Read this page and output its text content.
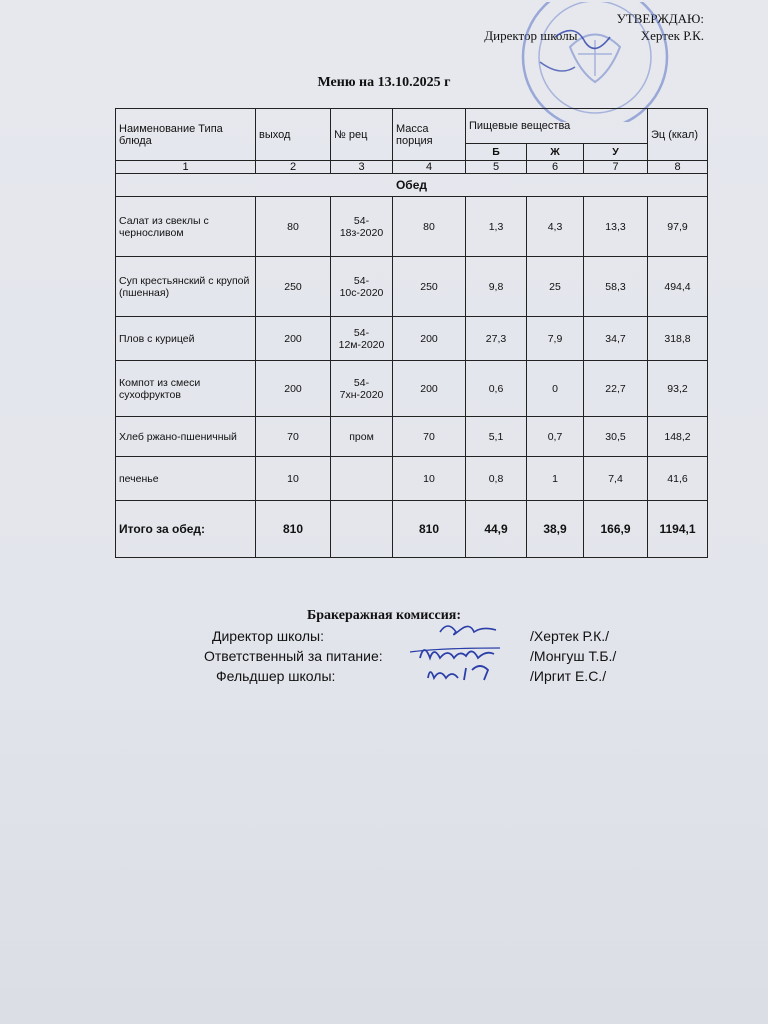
УТВЕРЖДАЮ:
Директор школы	Хертек Р.К.
Меню на 13.10.2025 г
Наименование Типа блюда	выход	№ рец	Масса порция	Пищевые вещества			Эц (ккал)
				Б	Ж	У	
1	2	3	4	5	6	7	8
Обед							
Салат из свеклы с черносливом	80	54-18з-2020	80	1,3	4,3	13,3	97,9
Суп крестьянский с крупой (пшенная)	250	54-10с-2020	250	9,8	25	58,3	494,4
Плов с курицей	200	54-12м-2020	200	27,3	7,9	34,7	318,8
Компот из смеси сухофруктов	200	54-7хн-2020	200	0,6	0	22,7	93,2
Хлеб ржано-пшеничный	70	пром	70	5,1	0,7	30,5	148,2
печенье	10		10	0,8	1	7,4	41,6
Итого за обед:	810		810	44,9	38,9	166,9	1194,1
Бракеражная комиссия:
Директор школы:	/Хертек Р.К./
Ответственный за питание:	/Монгуш Т.Б./
Фельдшер школы:	/Иргит Е.С./
